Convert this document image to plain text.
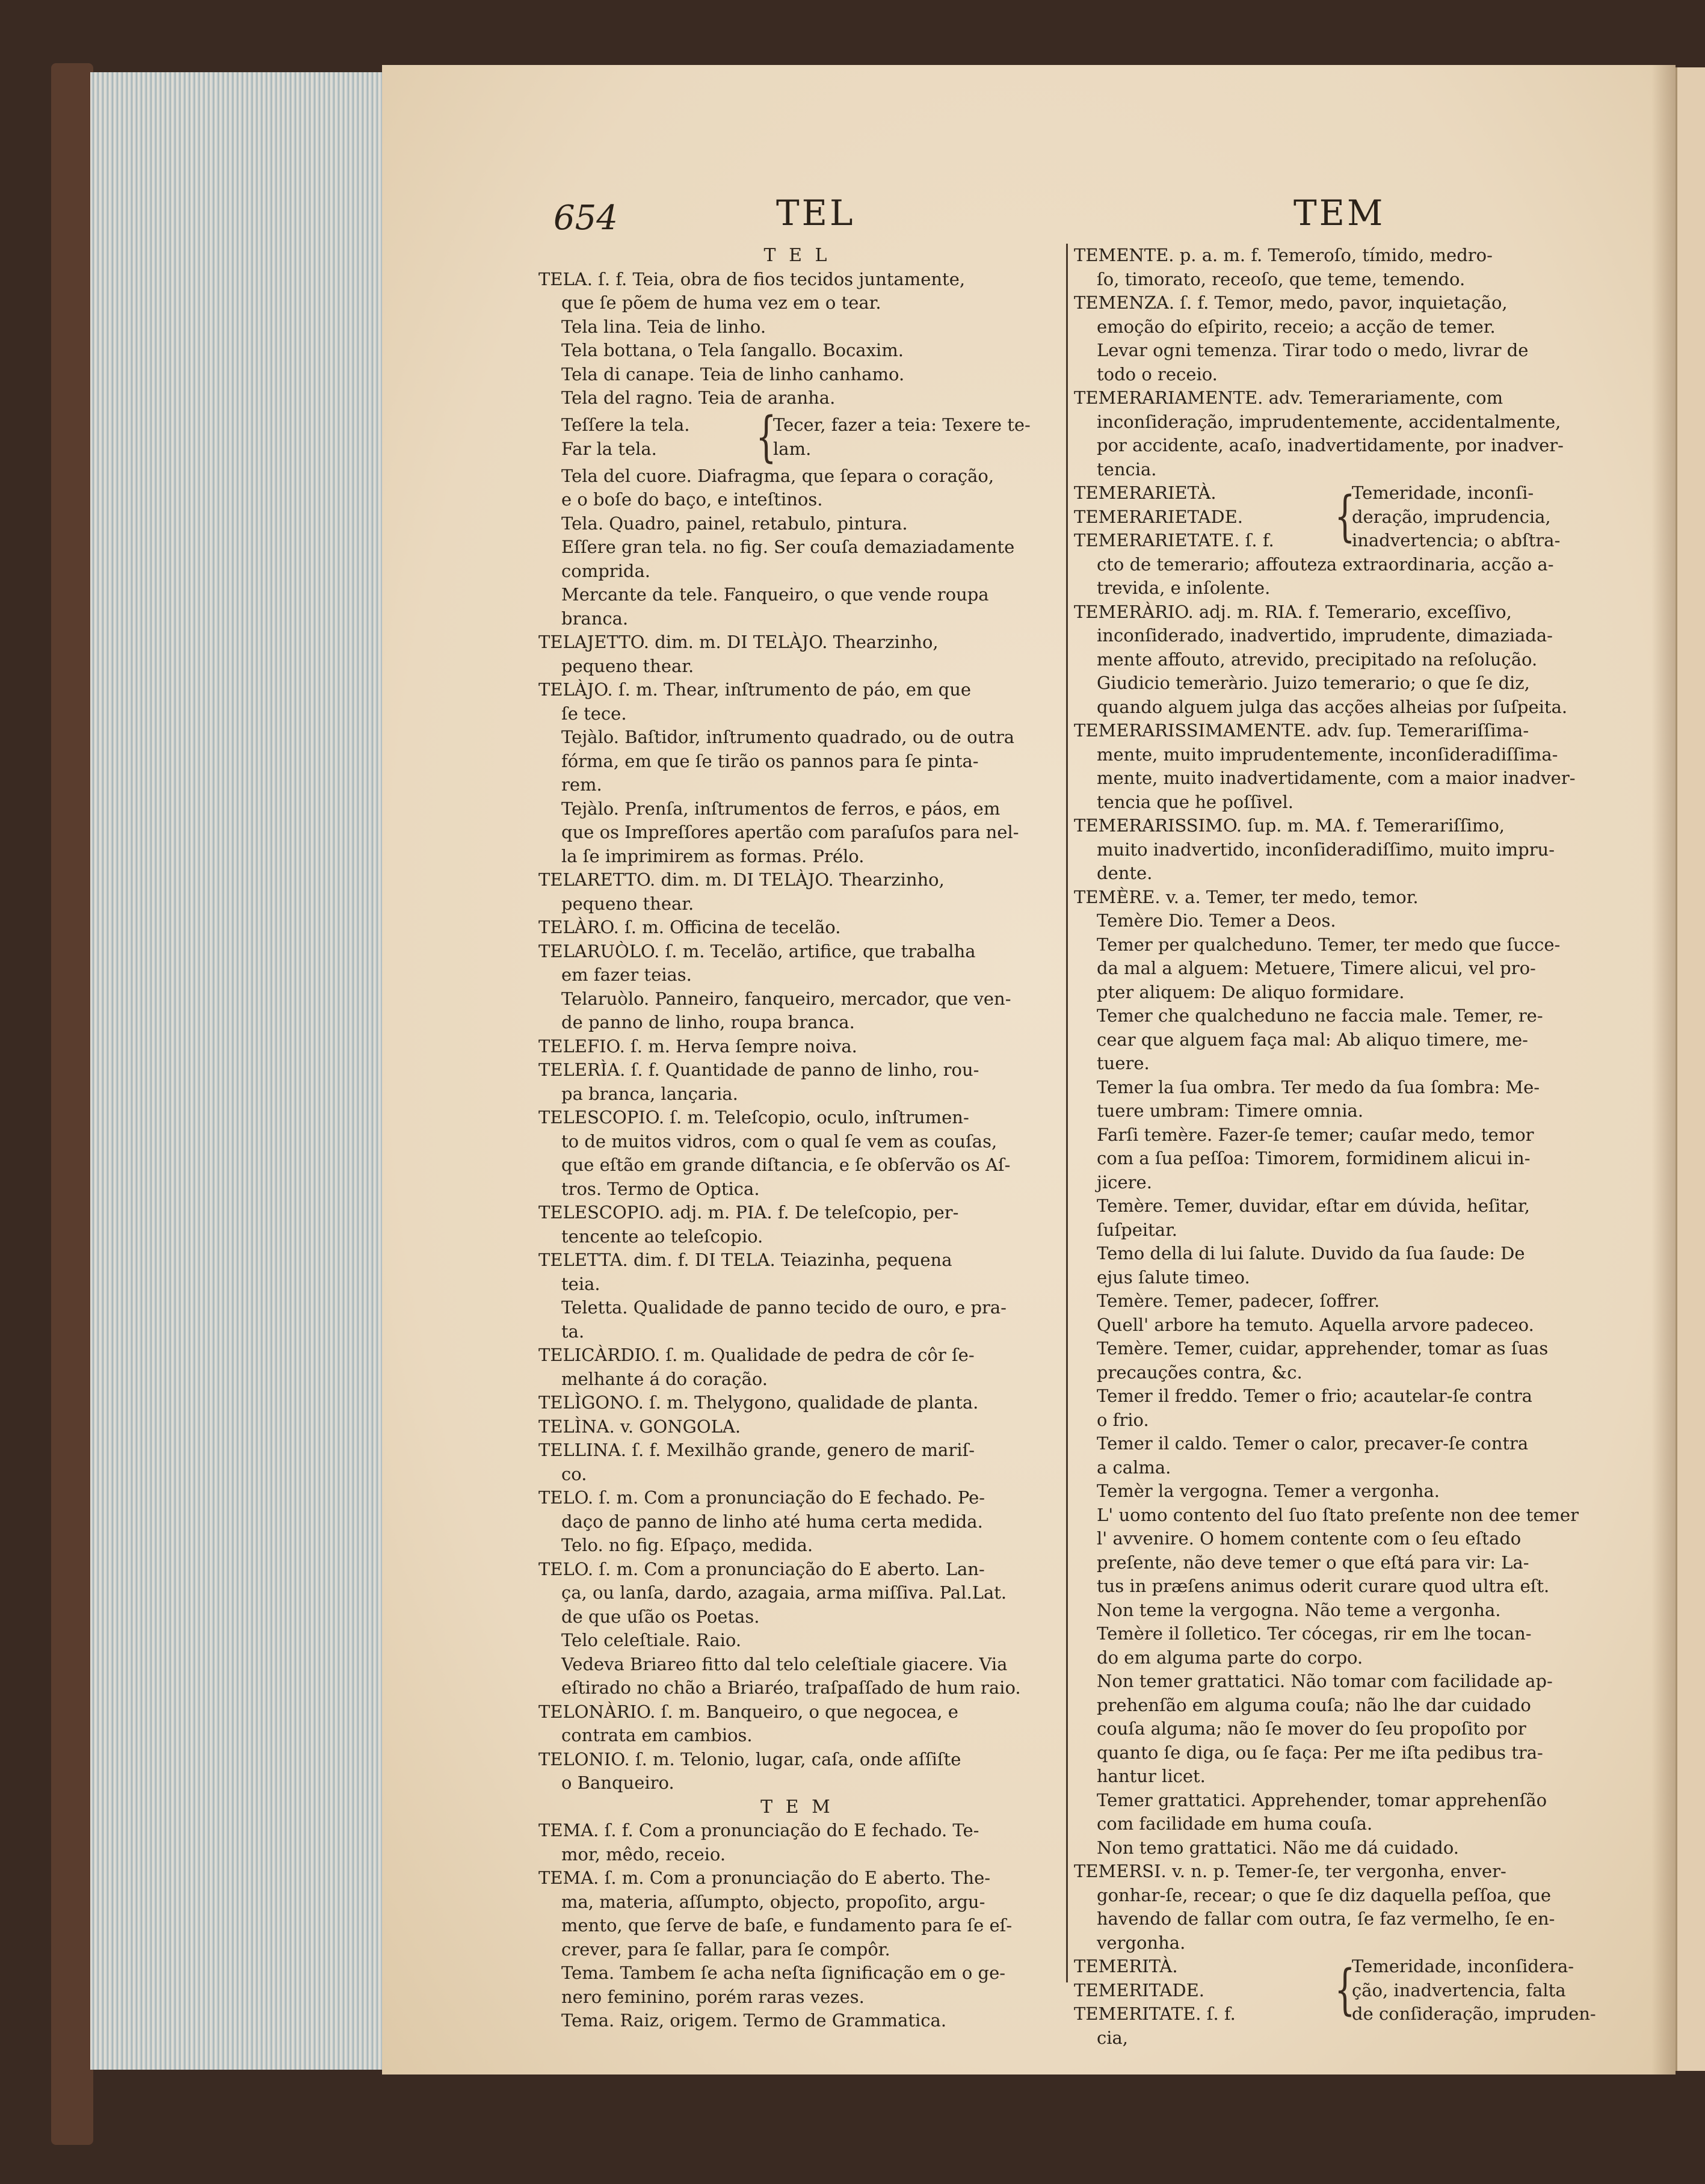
654	TEL	TEM
T E L
TELA. ſ. f. Teia, obra de fios tecidos juntamente,
que ſe põem de huma vez em o tear.
Tela lina. Teia de linho.
Tela bottana, o Tela ſangallo. Bocaxim.
Tela di canape. Teia de linho canhamo.
Tela del ragno. Teia de aranha.
Teſſere la tela.
Far la tela.	{
Tecer, fazer a teia: Texere te-
lam.
Tela del cuore. Diafragma, que ſepara o coração,
e o boſe do baço, e inteſtinos.
Tela. Quadro, painel, retabulo, pintura.
Eſſere gran tela. no fig. Ser couſa demaziadamente
comprida.
Mercante da tele. Fanqueiro, o que vende roupa
branca.
TELAJETTO. dim. m. DI TELÀJO. Thearzinho,
pequeno thear.
TELÀJO. ſ. m. Thear, inſtrumento de páo, em que
ſe tece.
Tejàlo. Baſtidor, inſtrumento quadrado, ou de outra
fórma, em que ſe tirão os pannos para ſe pinta-
rem.
Tejàlo. Prenſa, inſtrumentos de ferros, e páos, em
que os Impreſſores apertão com paraſuſos para nel-
la ſe imprimirem as formas. Prélo.
TELARETTO. dim. m. DI TELÀJO. Thearzinho,
pequeno thear.
TELÀRO. ſ. m. Officina de tecelão.
TELARUÒLO. ſ. m. Tecelão, artifice, que trabalha
em fazer teias.
Telaruòlo. Panneiro, fanqueiro, mercador, que ven-
de panno de linho, roupa branca.
TELEFIO. ſ. m. Herva ſempre noiva.
TELERÌA. ſ. f. Quantidade de panno de linho, rou-
pa branca, lançaria.
TELESCOPIO. ſ. m. Teleſcopio, oculo, inſtrumen-
to de muitos vidros, com o qual ſe vem as couſas,
que eſtão em grande diſtancia, e ſe obſervão os Aſ-
tros. Termo de Optica.
TELESCOPIO. adj. m. PIA. f. De teleſcopio, per-
tencente ao teleſcopio.
TELETTA. dim. f. DI TELA. Teiazinha, pequena
teia.
Teletta. Qualidade de panno tecido de ouro, e pra-
ta.
TELICÀRDIO. ſ. m. Qualidade de pedra de côr ſe-
melhante á do coração.
TELÌGONO. ſ. m. Thelygono, qualidade de planta.
TELÌNA. v. GONGOLA.
TELLINA. ſ. f. Mexilhão grande, genero de mariſ-
co.
TELO. ſ. m. Com a pronunciação do E fechado. Pe-
daço de panno de linho até huma certa medida.
Telo. no fig. Eſpaço, medida.
TELO. ſ. m. Com a pronunciação do E aberto. Lan-
ça, ou lanſa, dardo, azagaia, arma miſſiva. Pal.Lat.
de que uſão os Poetas.
Telo celeſtiale. Raio.
Vedeva Briareo fitto dal telo celeſtiale giacere. Via
eſtirado no chão a Briaréo, traſpaſſado de hum raio.
TELONÀRIO. ſ. m. Banqueiro, o que negocea, e
contrata em cambios.
TELONIO. ſ. m. Telonio, lugar, caſa, onde aſſiſte
o Banqueiro.
T E M
TEMA. ſ. f. Com a pronunciação do E fechado. Te-
mor, mêdo, receio.
TEMA. ſ. m. Com a pronunciação do E aberto. The-
ma, materia, aſſumpto, objecto, propoſito, argu-
mento, que ſerve de baſe, e fundamento para ſe eſ-
crever, para ſe fallar, para ſe compôr.
Tema. Tambem ſe acha neſta ſignificação em o ge-
nero feminino, porém raras vezes.
Tema. Raiz, origem. Termo de Grammatica.
TEMENTE. p. a. m. f. Temeroſo, tímido, medro-
ſo, timorato, receoſo, que teme, temendo.
TEMENZA. ſ. f. Temor, medo, pavor, inquietação,
emoção do eſpirito, receio; a acção de temer.
Levar ogni temenza. Tirar todo o medo, livrar de
todo o receio.
TEMERARIAMENTE. adv. Temerariamente, com
inconſideração, imprudentemente, accidentalmente,
por accidente, acaſo, inadvertidamente, por inadver-
tencia.
TEMERARIETÀ.
TEMERARIETADE.
TEMERARIETATE. ſ. f.	{
Temeridade, inconſi-
deração, imprudencia,
inadvertencia; o abſtra-
cto de temerario; affouteza extraordinaria, acção a-
trevida, e inſolente.
TEMERÀRIO. adj. m. RIA. f. Temerario, exceſſivo,
inconſiderado, inadvertido, imprudente, dimaziada-
mente affouto, atrevido, precipitado na reſolução.
Giudicio temeràrio. Juizo temerario; o que ſe diz,
quando alguem julga das acções alheias por ſuſpeita.
TEMERARISSIMAMENTE. adv. ſup. Temerariſſima-
mente, muito imprudentemente, inconſideradiſſima-
mente, muito inadvertidamente, com a maior inadver-
tencia que he poſſivel.
TEMERARISSIMO. ſup. m. MA. f. Temerariſſimo,
muito inadvertido, inconſideradiſſimo, muito impru-
dente.
TEMÈRE. v. a. Temer, ter medo, temor.
Temère Dio. Temer a Deos.
Temer per qualcheduno. Temer, ter medo que ſucce-
da mal a alguem: Metuere, Timere alicui, vel pro-
pter aliquem: De aliquo formidare.
Temer che qualcheduno ne faccia male. Temer, re-
cear que alguem faça mal: Ab aliquo timere, me-
tuere.
Temer la ſua ombra. Ter medo da ſua ſombra: Me-
tuere umbram: Timere omnia.
Farſi temère. Fazer-ſe temer; cauſar medo, temor
com a ſua peſſoa: Timorem, formidinem alicui in-
jicere.
Temère. Temer, duvidar, eſtar em dúvida, heſitar,
ſuſpeitar.
Temo della di lui ſalute. Duvido da ſua ſaude: De
ejus ſalute timeo.
Temère. Temer, padecer, ſoffrer.
Quell' arbore ha temuto. Aquella arvore padeceo.
Temère. Temer, cuidar, apprehender, tomar as ſuas
precauções contra, &c.
Temer il freddo. Temer o frio; acautelar-ſe contra
o frio.
Temer il caldo. Temer o calor, precaver-ſe contra
a calma.
Temèr la vergogna. Temer a vergonha.
L' uomo contento del ſuo ſtato preſente non dee temer
l' avvenire. O homem contente com o ſeu eſtado
preſente, não deve temer o que eſtá para vir: La-
tus in præſens animus oderit curare quod ultra eſt.
Non teme la vergogna. Não teme a vergonha.
Temère il ſolletico. Ter cócegas, rir em lhe tocan-
do em alguma parte do corpo.
Non temer grattatici. Não tomar com facilidade ap-
prehenſão em alguma couſa; não lhe dar cuidado
couſa alguma; não ſe mover do ſeu propoſito por
quanto ſe diga, ou ſe faça: Per me iſta pedibus tra-
hantur licet.
Temer grattatici. Apprehender, tomar apprehenſão
com facilidade em huma couſa.
Non temo grattatici. Não me dá cuidado.
TEMERSI. v. n. p. Temer-ſe, ter vergonha, enver-
gonhar-ſe, recear; o que ſe diz daquella peſſoa, que
havendo de fallar com outra, ſe faz vermelho, ſe en-
vergonha.
TEMERITÀ.
TEMERITADE.
TEMERITATE. ſ. f.	{
Temeridade, inconſidera-
ção, inadvertencia, falta
de conſideração, impruden-
cia,
